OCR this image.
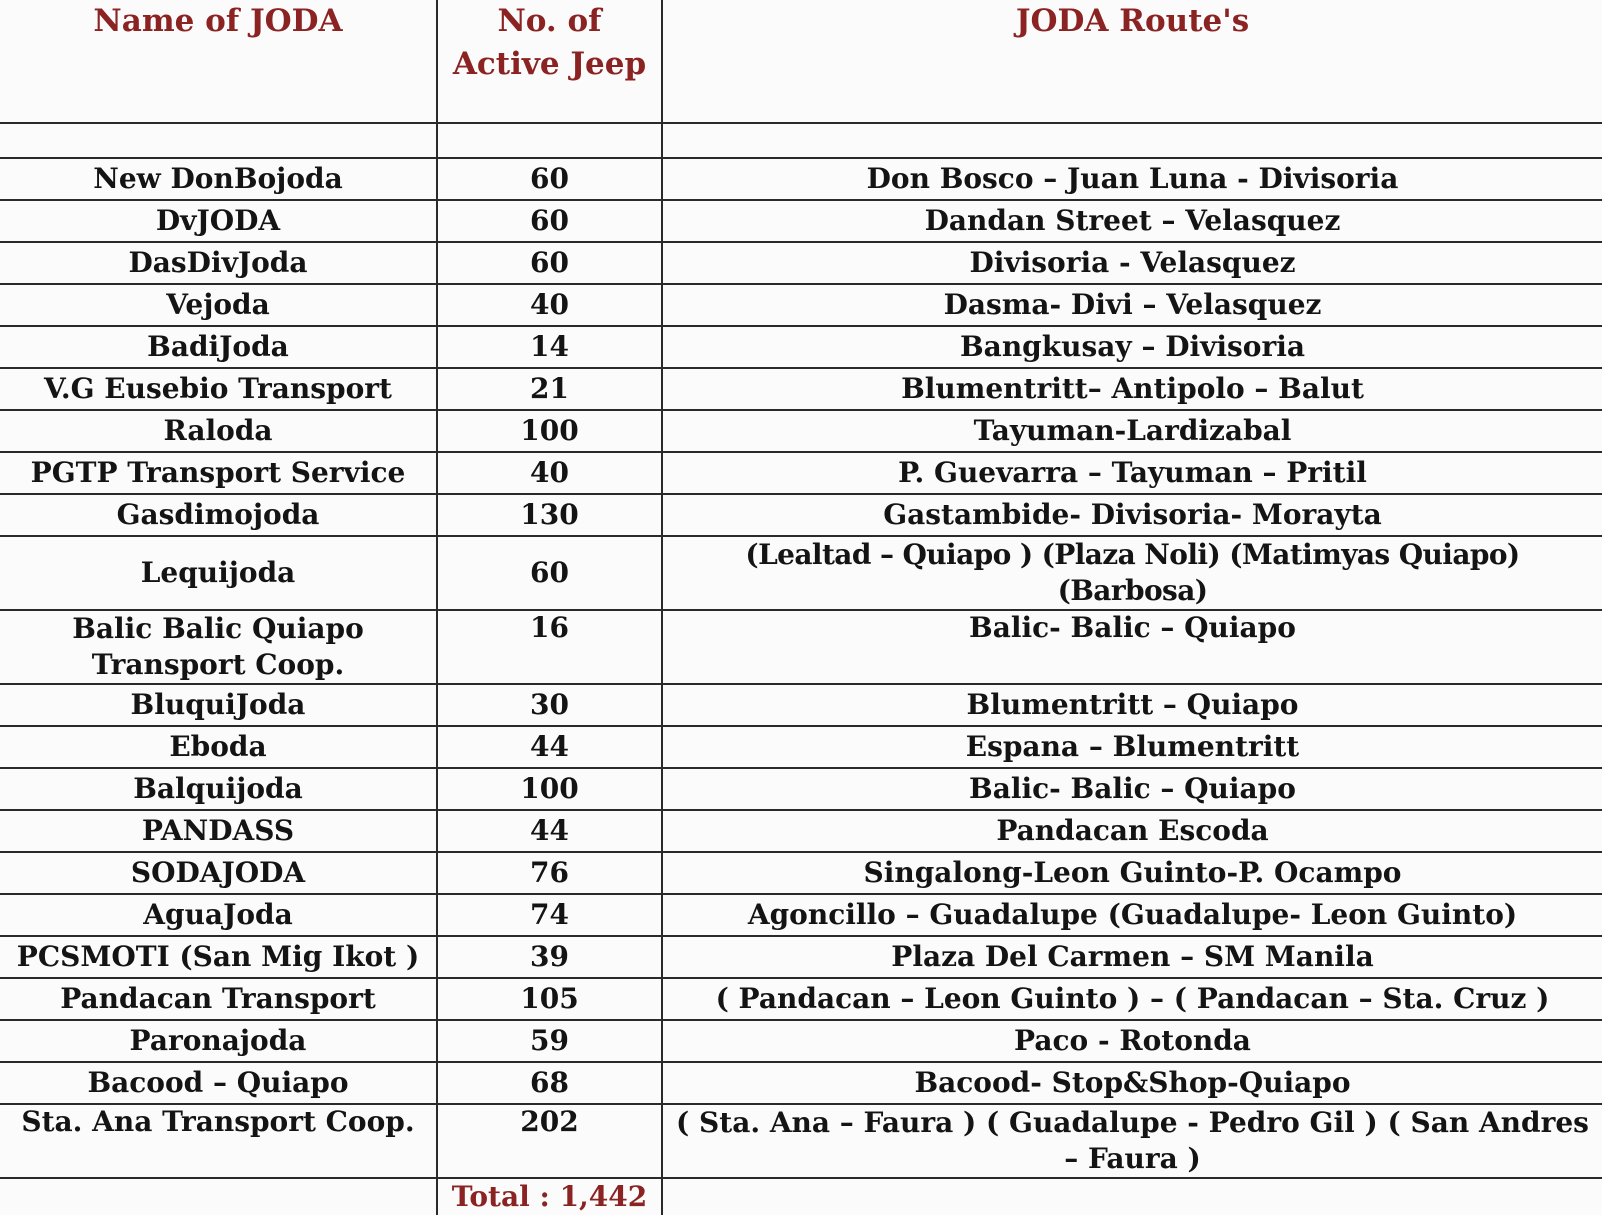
Name of JODA	No. of Active Jeep	JODA Route's

New DonBojoda	60	Don Bosco – Juan Luna - Divisoria
DvJODA	60	Dandan Street – Velasquez
DasDivJoda	60	Divisoria - Velasquez
Vejoda	40	Dasma- Divi – Velasquez
BadiJoda	14	Bangkusay – Divisoria
V.G Eusebio Transport	21	Blumentritt– Antipolo – Balut
Raloda	100	Tayuman-Lardizabal
PGTP Transport Service	40	P. Guevarra – Tayuman – Pritil
Gasdimojoda	130	Gastambide- Divisoria- Morayta
Lequijoda	60	(Lealtad – Quiapo ) (Plaza Noli) (Matimyas Quiapo) (Barbosa)
Balic Balic Quiapo Transport Coop.	16	Balic- Balic – Quiapo
BluquiJoda	30	Blumentritt – Quiapo
Eboda	44	Espana – Blumentritt
Balquijoda	100	Balic- Balic – Quiapo
PANDASS	44	Pandacan Escoda
SODAJODA	76	Singalong-Leon Guinto-P. Ocampo
AguaJoda	74	Agoncillo – Guadalupe (Guadalupe- Leon Guinto)
PCSMOTI (San Mig Ikot )	39	Plaza Del Carmen – SM Manila
Pandacan Transport	105	( Pandacan – Leon Guinto ) – ( Pandacan – Sta. Cruz )
Paronajoda	59	Paco - Rotonda
Bacood – Quiapo	68	Bacood- Stop&Shop-Quiapo
Sta. Ana Transport Coop.	202	( Sta. Ana – Faura ) ( Guadalupe - Pedro Gil ) ( San Andres – Faura )
	Total : 1,442	
